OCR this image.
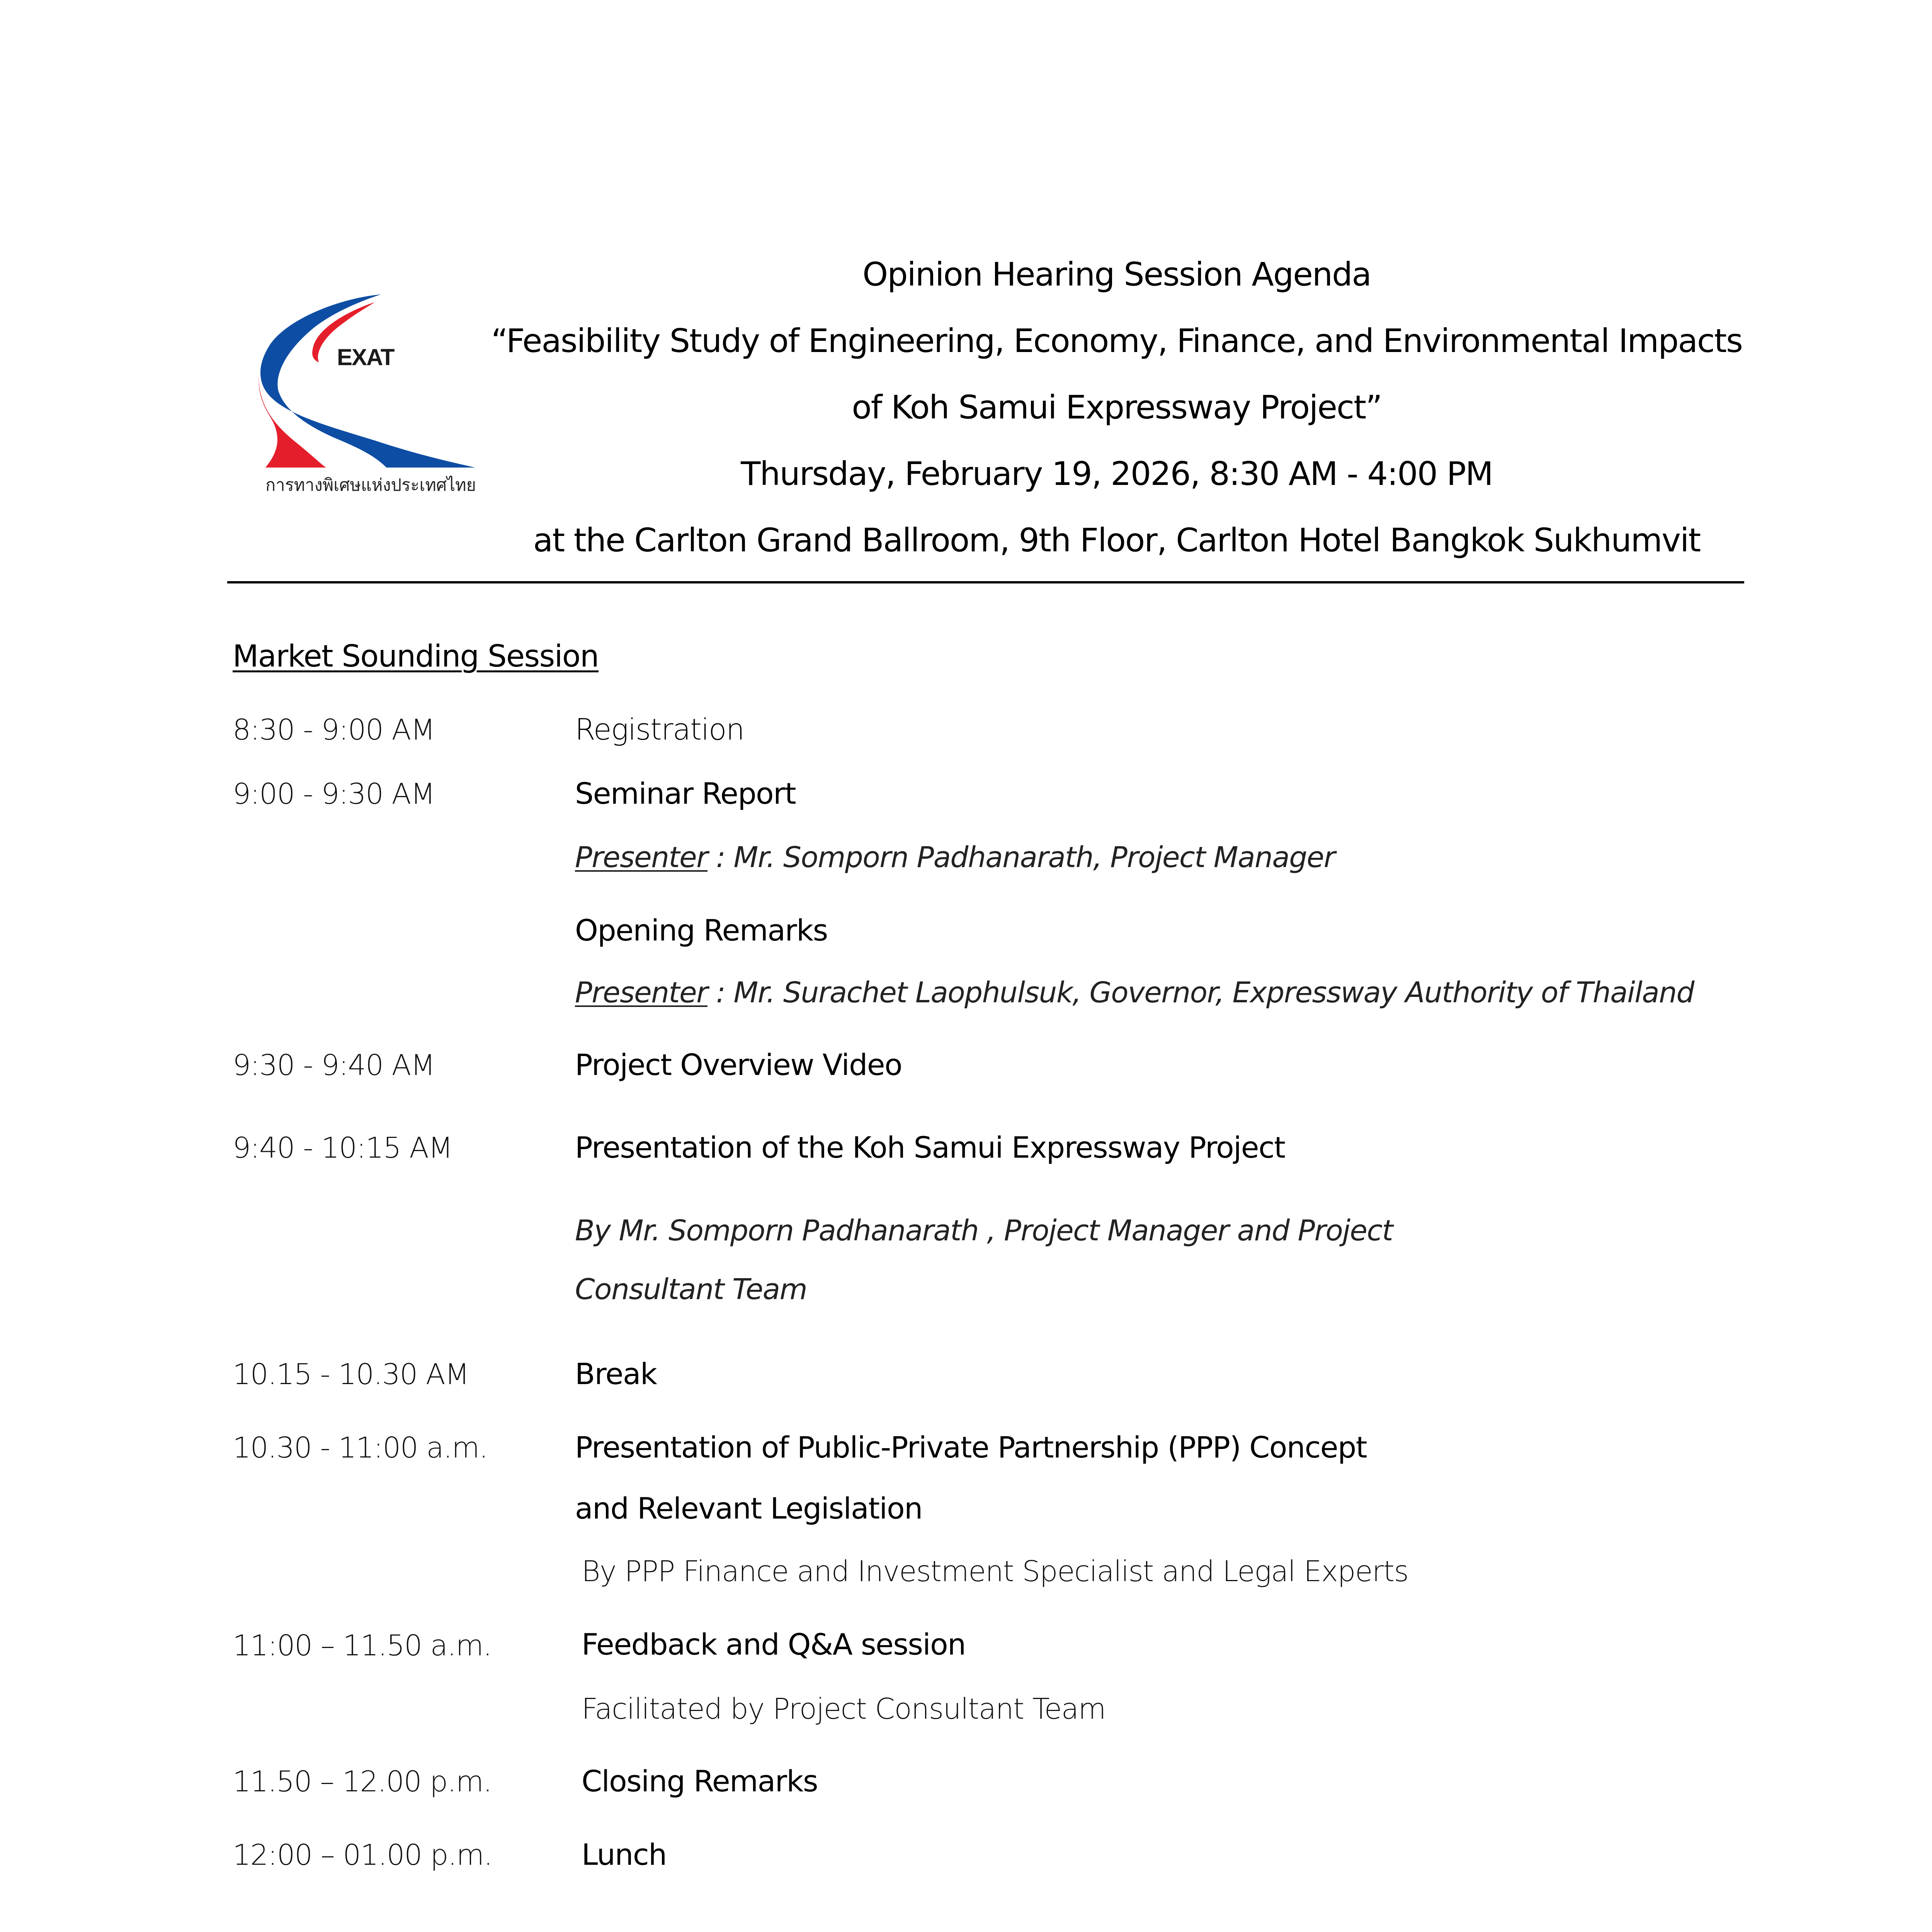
EXAT
การทางพิเศษแห่งประเทศไทย
Opinion Hearing Session Agenda
“Feasibility Study of Engineering, Economy, Finance, and Environmental Impacts
of Koh Samui Expressway Project”
Thursday, February 19, 2026, 8:30 AM - 4:00 PM
at the Carlton Grand Ballroom, 9th Floor, Carlton Hotel Bangkok Sukhumvit
Market Sounding Session
8:30 - 9:00 AM	Registration
9:00 - 9:30 AM	Seminar Report
Presenter : Mr. Somporn Padhanarath, Project Manager
Opening Remarks
Presenter : Mr. Surachet Laophulsuk, Governor, Expressway Authority of Thailand
9:30 - 9:40 AM	Project Overview Video
9:40 - 10:15 AM	Presentation of the Koh Samui Expressway Project
By Mr. Somporn Padhanarath , Project Manager and Project
Consultant Team
10.15 - 10.30 AM	Break
10.30 - 11:00 a.m.	Presentation of Public-Private Partnership (PPP) Concept
and Relevant Legislation
By PPP Finance and Investment Specialist and Legal Experts
11:00 – 11.50 a.m.	Feedback and Q&A session
Facilitated by Project Consultant Team
11.50 – 12.00 p.m.	Closing Remarks
12:00 – 01.00 p.m.	Lunch
